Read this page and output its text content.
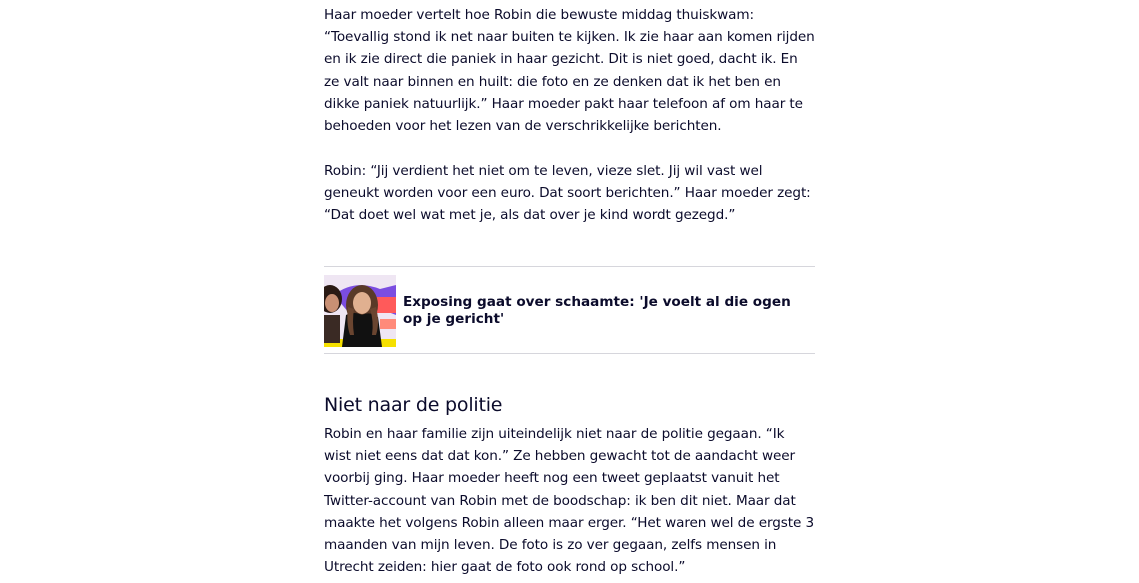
Haar moeder vertelt hoe Robin die bewuste middag thuiskwam: “Toevallig stond ik net naar buiten te kijken. Ik zie haar aan komen rijden en ik zie direct die paniek in haar gezicht. Dit is niet goed, dacht ik. En ze valt naar binnen en huilt: die foto en ze denken dat ik het ben en dikke paniek natuurlijk.” Haar moeder pakt haar telefoon af om haar te behoeden voor het lezen van de verschrikkelijke berichten.

Robin: “Jij verdient het niet om te leven, vieze slet. Jij wil vast wel geneukt worden voor een euro. Dat soort berichten.” Haar moeder zegt: “Dat doet wel wat met je, als dat over je kind wordt gezegd.”

Exposing gaat over schaamte: 'Je voelt al die ogen op je gericht'
Niet naar de politie

Robin en haar familie zijn uiteindelijk niet naar de politie gegaan. “Ik wist niet eens dat dat kon.” Ze hebben gewacht tot de aandacht weer voorbij ging. Haar moeder heeft nog een tweet geplaatst vanuit het Twitter-account van Robin met de boodschap: ik ben dit niet. Maar dat maakte het volgens Robin alleen maar erger. “Het waren wel de ergste 3 maanden van mijn leven. De foto is zo ver gegaan, zelfs mensen in Utrecht zeiden: hier gaat de foto ook rond op school.”
